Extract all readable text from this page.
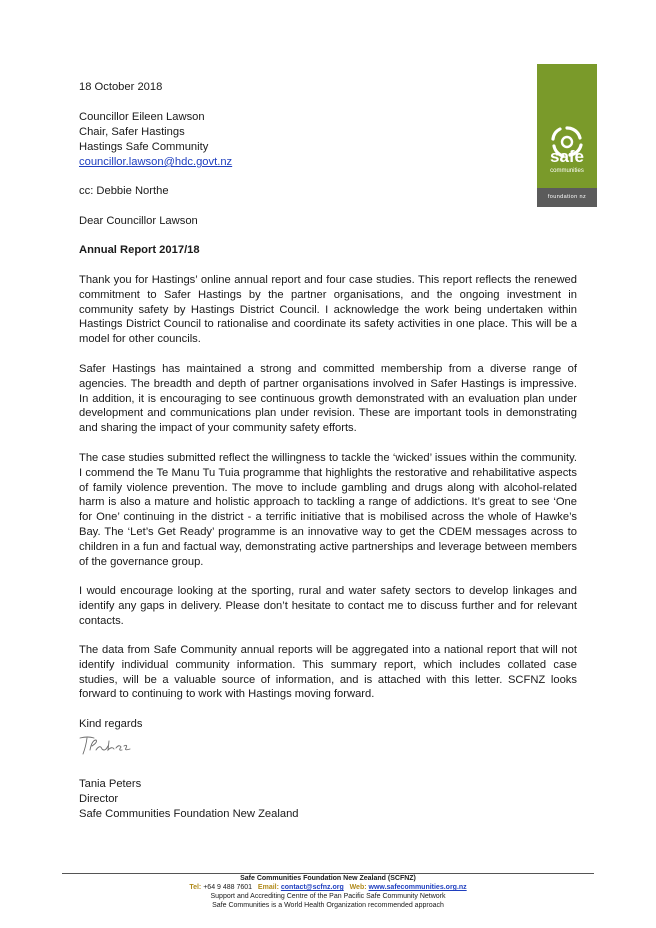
18 October 2018
Councillor Eileen Lawson
Chair, Safer Hastings
Hastings Safe Community
councillor.lawson@hdc.govt.nz
cc: Debbie Northe
Dear Councillor Lawson
Annual Report 2017/18
safe
communities
foundation nz

Thank you for Hastings’ online annual report and four case studies. This report reflects the renewed commitment to Safer Hastings by the partner organisations, and the ongoing investment in community safety by Hastings District Council. I acknowledge the work being undertaken within Hastings District Council to rationalise and coordinate its safety activities in one place. This will be a model for other councils.

Safer Hastings has maintained a strong and committed membership from a diverse range of agencies. The breadth and depth of partner organisations involved in Safer Hastings is impressive. In addition, it is encouraging to see continuous growth demonstrated with an evaluation plan under development and communications plan under revision. These are important tools in demonstrating and sharing the impact of your community safety efforts.

The case studies submitted reflect the willingness to tackle the ‘wicked’ issues within the community. I commend the Te Manu Tu Tuia programme that highlights the restorative and rehabilitative aspects of family violence prevention. The move to include gambling and drugs along with alcohol-related harm is also a mature and holistic approach to tackling a range of addictions. It’s great to see ‘One for One’ continuing in the district - a terrific initiative that is mobilised across the whole of Hawke’s Bay. The ‘Let’s Get Ready’ programme is an innovative way to get the CDEM messages across to children in a fun and factual way, demonstrating active partnerships and leverage between members of the governance group.

I would encourage looking at the sporting, rural and water safety sectors to develop linkages and identify any gaps in delivery. Please don’t hesitate to contact me to discuss further and for relevant contacts.

The data from Safe Community annual reports will be aggregated into a national report that will not identify individual community information. This summary report, which includes collated case studies, will be a valuable source of information, and is attached with this letter. SCFNZ looks forward to continuing to work with Hastings moving forward.

Kind regards
Tania Peters
Director
Safe Communities Foundation New Zealand
Safe Communities Foundation New Zealand (SCFNZ)
Tel: +64 9 488 7601 Email: contact@scfnz.org Web: www.safecommunities.org.nz
Support and Accrediting Centre of the Pan Pacific Safe Community Network
Safe Communities is a World Health Organization recommended approach
